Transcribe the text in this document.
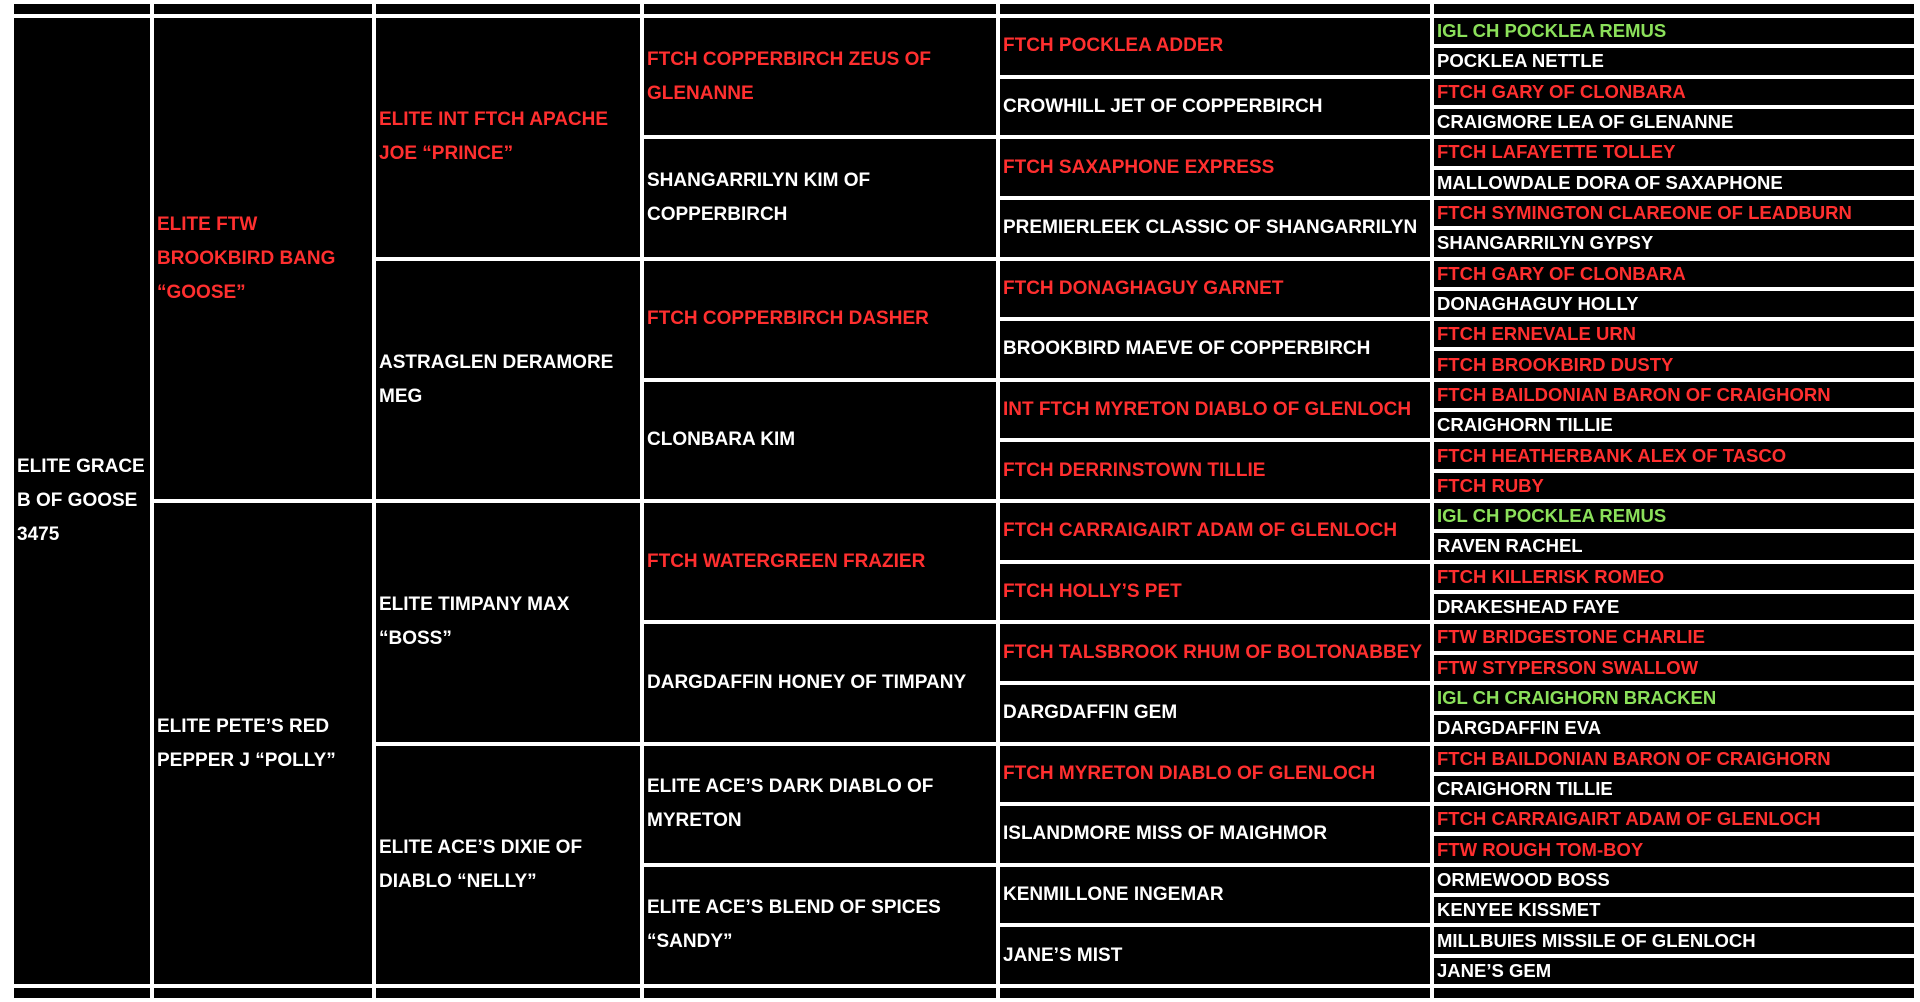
ELITE GRACE B OF GOOSE 3475	ELITE FTW BROOKBIRD BANG “GOOSE”	ELITE INT FTCH APACHE JOE “PRINCE”	FTCH COPPERBIRCH ZEUS OF GLENANNE	FTCH POCKLEA ADDER	IGL CH POCKLEA REMUS
					POCKLEA NETTLE
				CROWHILL JET OF COPPERBIRCH	FTCH GARY OF CLONBARA
					CRAIGMORE LEA OF GLENANNE
			SHANGARRILYN KIM OF COPPERBIRCH	FTCH SAXAPHONE EXPRESS	FTCH LAFAYETTE TOLLEY
					MALLOWDALE DORA OF SAXAPHONE
				PREMIERLEEK CLASSIC OF SHANGARRILYN	FTCH SYMINGTON CLAREONE OF LEADBURN
					SHANGARRILYN GYPSY
		ASTRAGLEN DERAMORE MEG	FTCH COPPERBIRCH DASHER	FTCH DONAGHAGUY GARNET	FTCH GARY OF CLONBARA
					DONAGHAGUY HOLLY
				BROOKBIRD MAEVE OF COPPERBIRCH	FTCH ERNEVALE URN
					FTCH BROOKBIRD DUSTY
			CLONBARA KIM	INT FTCH MYRETON DIABLO OF GLENLOCH	FTCH BAILDONIAN BARON OF CRAIGHORN
					CRAIGHORN TILLIE
				FTCH DERRINSTOWN TILLIE	FTCH HEATHERBANK ALEX OF TASCO
					FTCH RUBY
	ELITE PETE’S RED PEPPER J “POLLY”	ELITE TIMPANY MAX “BOSS”	FTCH WATERGREEN FRAZIER	FTCH CARRAIGAIRT ADAM OF GLENLOCH	IGL CH POCKLEA REMUS
					RAVEN RACHEL
				FTCH HOLLY’S PET	FTCH KILLERISK ROMEO
					DRAKESHEAD FAYE
			DARGDAFFIN HONEY OF TIMPANY	FTCH TALSBROOK RHUM OF BOLTONABBEY	FTW BRIDGESTONE CHARLIE
					FTW STYPERSON SWALLOW
				DARGDAFFIN GEM	IGL CH CRAIGHORN BRACKEN
					DARGDAFFIN EVA
		ELITE ACE’S DIXIE OF DIABLO “NELLY”	ELITE ACE’S DARK DIABLO OF MYRETON	FTCH MYRETON DIABLO OF GLENLOCH	FTCH BAILDONIAN BARON OF CRAIGHORN
					CRAIGHORN TILLIE
				ISLANDMORE MISS OF MAIGHMOR	FTCH CARRAIGAIRT ADAM OF GLENLOCH
					FTW ROUGH TOM-BOY
			ELITE ACE’S BLEND OF SPICES “SANDY”	KENMILLONE INGEMAR	ORMEWOOD BOSS
					KENYEE KISSMET
				JANE’S MIST	MILLBUIES MISSILE OF GLENLOCH
					JANE’S GEM
